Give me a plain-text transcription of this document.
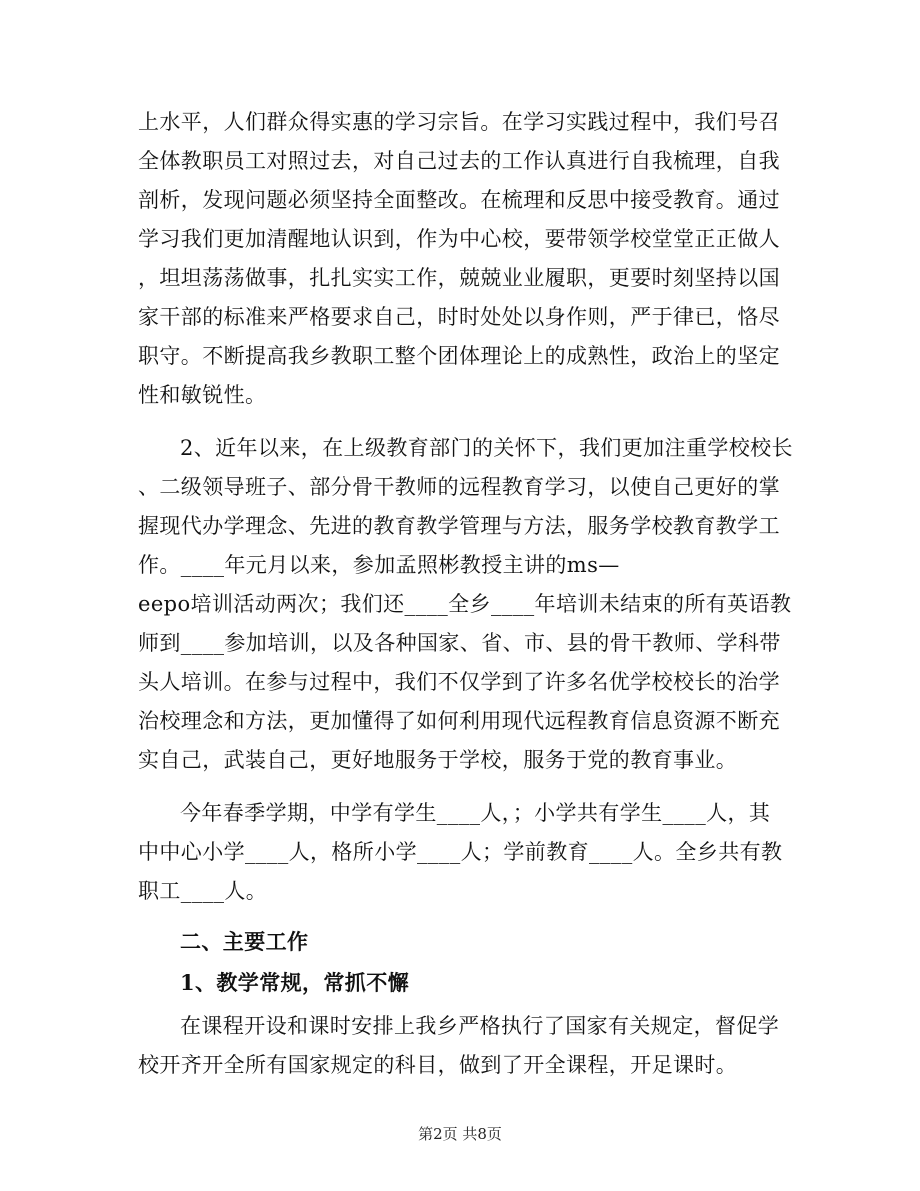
上水平，人们群众得实惠的学习宗旨。在学习实践过程中，我们号召
全体教职员工对照过去，对自己过去的工作认真进行自我梳理，自我
剖析，发现问题必须坚持全面整改。在梳理和反思中接受教育。通过
学习我们更加清醒地认识到，作为中心校，要带领学校堂堂正正做人
，坦坦荡荡做事，扎扎实实工作，兢兢业业履职，更要时刻坚持以国
家干部的标准来严格要求自己，时时处处以身作则，严于律已，恪尽
职守。不断提高我乡教职工整个团体理论上的成熟性，政治上的坚定
性和敏锐性。
2、近年以来，在上级教育部门的关怀下，我们更加注重学校校长
、二级领导班子、部分骨干教师的远程教育学习，以使自己更好的掌
握现代办学理念、先进的教育教学管理与方法，服务学校教育教学工
作。____年元月以来，参加孟照彬教授主讲的ms—
eepo培训活动两次；我们还____全乡____年培训未结束的所有英语教
师到____参加培训，以及各种国家、省、市、县的骨干教师、学科带
头人培训。在参与过程中，我们不仅学到了许多名优学校校长的治学
治校理念和方法，更加懂得了如何利用现代远程教育信息资源不断充
实自己，武装自己，更好地服务于学校，服务于党的教育事业。
今年春季学期，中学有学生____人，；小学共有学生____人，其
中中心小学____人，格所小学____人；学前教育____人。全乡共有教
职工____人。
二、主要工作
1、教学常规，常抓不懈
在课程开设和课时安排上我乡严格执行了国家有关规定，督促学
校开齐开全所有国家规定的科目，做到了开全课程，开足课时。
第2页 共8页
